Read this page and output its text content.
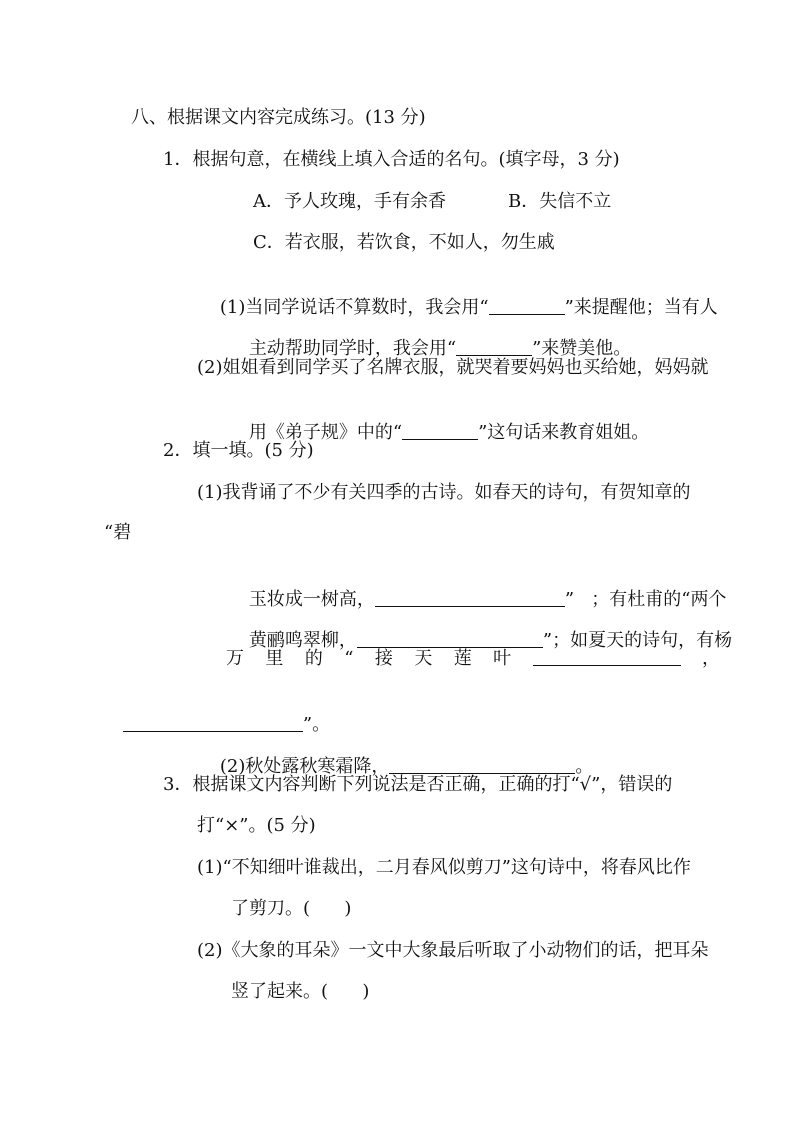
八、根据课文内容完成练习。(13 分)
1．根据句意，在横线上填入合适的名句。(填字母，3 分)
A．予人玫瑰，手有余香	B．失信不立
C．若衣服，若饮食，不如人，勿生戚

(1)当同学说话不算数时，我会用“	”来提醒他；当有人

主动帮助同学时，我会用“	”来赞美他。

(2)姐姐看到同学买了名牌衣服，就哭着要妈妈也买给她，妈妈就

用《弟子规》中的“	”这句话来教育姐姐。

2．填一填。(5 分)
(1)我背诵了不少有关四季的古诗。如春天的诗句，有贺知章的
“碧

玉妆成一树高，	”   ；有杜甫的“两个

黄鹂鸣翠柳，	”；如夏天的诗句，有杨

万 里 的 “ 接 天 莲 叶	，

”。

(2)秋处露秋寒霜降，	。

3．根据课文内容判断下列说法是否正确，正确的打“√”，错误的
打“×”。(5 分)
(1)“不知细叶谁裁出，二月春风似剪刀”这句诗中，将春风比作
了剪刀。(      )
(2)《大象的耳朵》一文中大象最后听取了小动物们的话，把耳朵
竖了起来。(      )
